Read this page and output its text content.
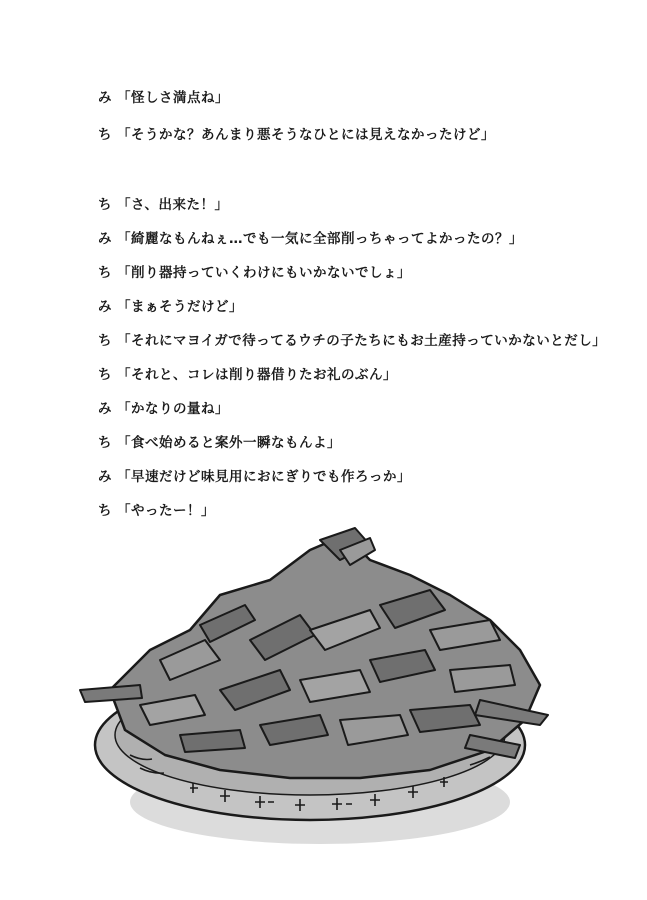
み 「怪しさ満点ね」
ち 「そうかな？あんまり悪そうなひとには見えなかったけど」
ち 「さ、出来た！」
み 「綺麗なもんねぇ…でも一気に全部削っちゃってよかったの？」
ち 「削り器持っていくわけにもいかないでしょ」
み 「まぁそうだけど」
ち 「それにマヨイガで待ってるウチの子たちにもお土産持っていかないとだし」
ち 「それと、コレは削り器借りたお礼のぶん」
み 「かなりの量ね」
ち 「食べ始めると案外一瞬なもんよ」
み 「早速だけど味見用におにぎりでも作ろっか」
ち 「やったー！」
